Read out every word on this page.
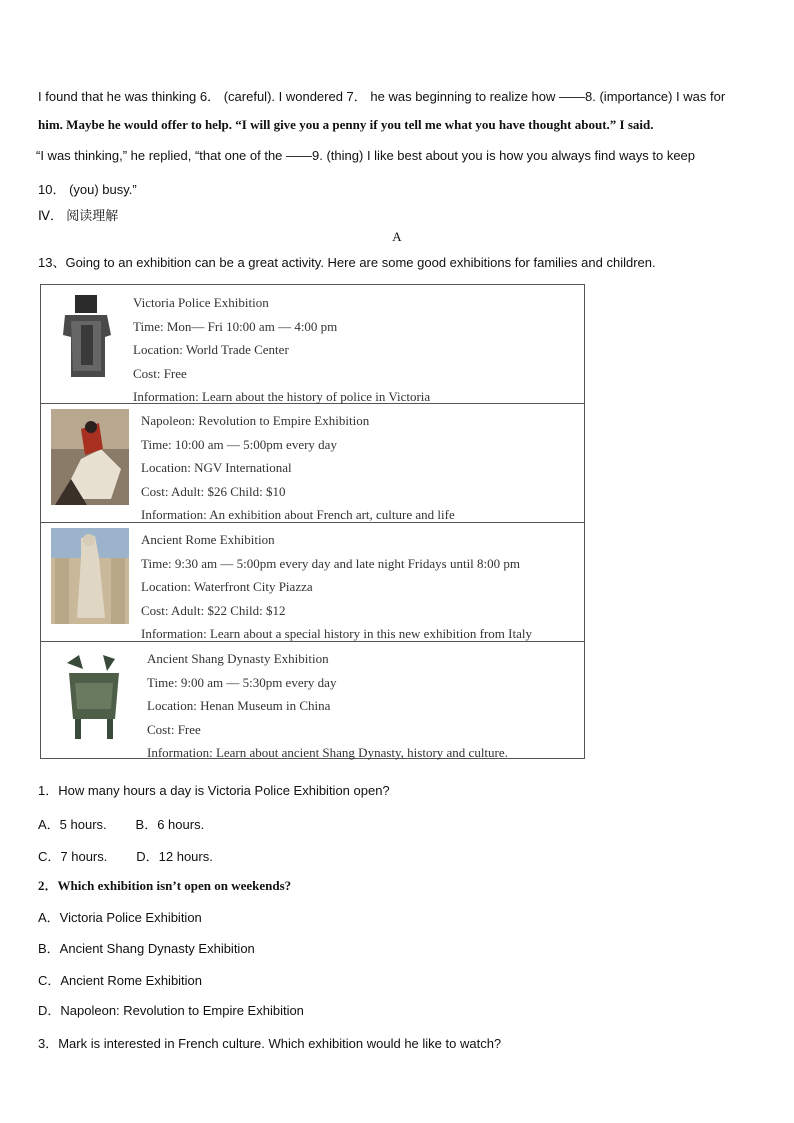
I found that he was thinking 6． (careful). I wondered 7． he was beginning to realize how ——8. (importance) I was for
him. Maybe he would offer to help. “I will give you a penny if you tell me what you have thought about.” I said.
“I was thinking,” he replied, “that one of the ——9. (thing) I like best about you is how you always find ways to keep
10． (you) busy.”
Ⅳ． 阅读理解
A
13、Going to an exhibition can be a great activity. Here are some good exhibitions for families and children.
Victoria Police Exhibition
Time: Mon— Fri 10:00 am — 4:00 pm
Location: World Trade Center
Cost: Free
Information: Learn about the history of police in Victoria
Napoleon: Revolution to Empire Exhibition
Time: 10:00 am — 5:00pm every day
Location: NGV International
Cost: Adult: $26 Child: $10
Information: An exhibition about French art, culture and life
Ancient Rome Exhibition
Time: 9:30 am — 5:00pm every day and late night Fridays until 8:00 pm
Location: Waterfront City Piazza
Cost: Adult: $22 Child: $12
Information: Learn about a special history in this new exhibition from Italy
Ancient Shang Dynasty Exhibition
Time: 9:00 am — 5:30pm every day
Location: Henan Museum in China
Cost: Free
Information: Learn about ancient Shang Dynasty, history and culture.
1．How many hours a day is Victoria Police Exhibition open?
A．5 hours.        B．6 hours.
C．7 hours.        D．12 hours.
2．Which exhibition isn’t open on weekends?
A．Victoria Police Exhibition
B．Ancient Shang Dynasty Exhibition
C．Ancient Rome Exhibition
D．Napoleon: Revolution to Empire Exhibition
3．Mark is interested in French culture. Which exhibition would he like to watch?
